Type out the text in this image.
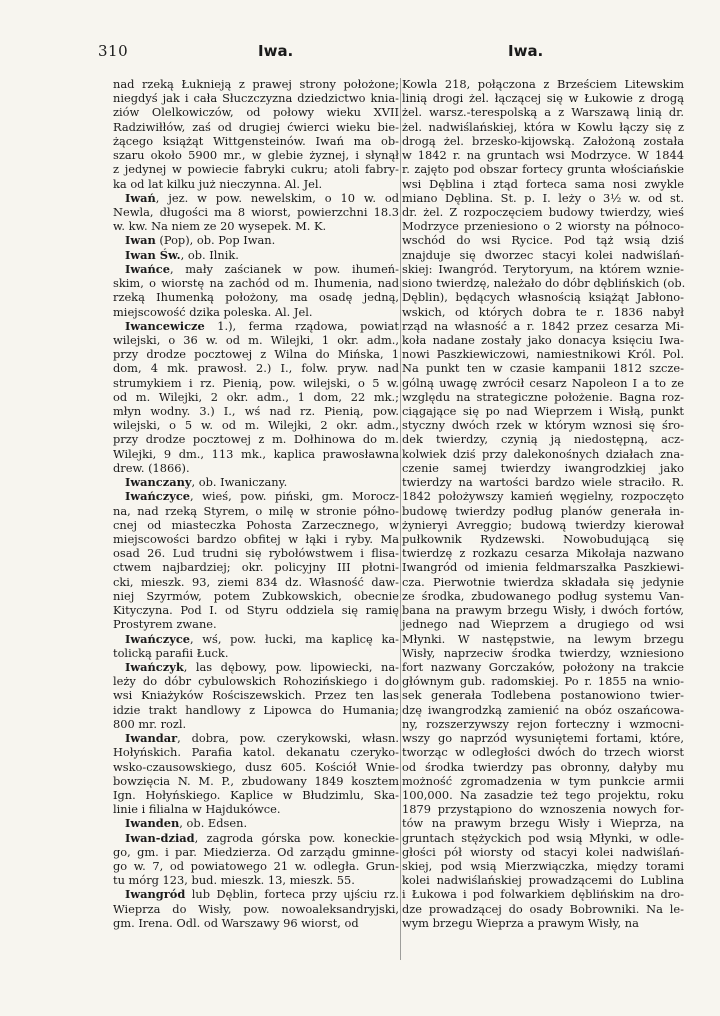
310	Iwa.	Iwa.
nad rzeką Łuknieją z prawej strony położone;
niegdyś jak i cała Słuczczyzna dziedzictwo knia-
ziów Olelkowiczów, od połowy wieku XVII
Radziwiłłów, zaś od drugiej ćwierci wieku bie-
żącego książąt Wittgensteinów. Iwań ma ob-
szaru około 5900 mr., w glebie żyznej, i słynął
z jedynej w powiecie fabryki cukru; atoli fabry-
ka od lat kilku już nieczynna. Al. Jel.
Iwań, jez. w pow. newelskim, o 10 w. od
Newla, długości ma 8 wiorst, powierzchni 18.3
w. kw. Na niem ze 20 wysepek. M. K.
Iwan (Pop), ob. Pop Iwan.
Iwan Św., ob. Ilnik.
Iwańce, mały zaścianek w pow. ihumeń-
skim, o wiorstę na zachód od m. Ihumenia, nad
rzeką Ihumenką położony, ma osadę jedną,
miejscowość dzika poleska. Al. Jel.
Iwancewicze 1.), ferma rządowa, powiat
wilejski, o 36 w. od m. Wilejki, 1 okr. adm.,
przy drodze pocztowej z Wilna do Mińska, 1
dom, 4 mk. prawosł. 2.) I., folw. pryw. nad
strumykiem i rz. Pienią, pow. wilejski, o 5 w.
od m. Wilejki, 2 okr. adm., 1 dom, 22 mk.;
młyn wodny. 3.) I., wś nad rz. Pienią, pow.
wilejski, o 5 w. od m. Wilejki, 2 okr. adm.,
przy drodze pocztowej z m. Dołhinowa do m.
Wilejki, 9 dm., 113 mk., kaplica prawosławna
drew. (1866).
Iwanczany, ob. Iwaniczany.
Iwańczyce, wieś, pow. piński, gm. Morocz-
na, nad rzeką Styrem, o milę w stronie półno-
cnej od miasteczka Pohosta Zarzecznego, w
miejscowości bardzo obfitej w łąki i ryby. Ma
osad 26. Lud trudni się rybołówstwem i flisa-
ctwem najbardziej; okr. policyjny III płotni-
cki, mieszk. 93, ziemi 834 dz. Własność daw-
niej Szyrmów, potem Zubkowskich, obecnie
Kityczyna. Pod I. od Styru oddziela się ramię
Prostyrem zwane.
Iwańczyce, wś, pow. łucki, ma kaplicę ka-
tolicką parafii Łuck.
Iwańczyk, las dębowy, pow. lipowiecki, na-
leży do dóbr cybulowskich Rohozińskiego i do
wsi Kniażyków Rościszewskich. Przez ten las
idzie trakt handlowy z Lipowca do Humania;
800 mr. rozl.
Iwandar, dobra, pow. czerykowski, własn.
Hołyńskich. Parafia katol. dekanatu czeryko-
wsko-czausowskiego, dusz 605. Kościół Wnie-
bowzięcia N. M. P., zbudowany 1849 kosztem
Ign. Hołyńskiego. Kaplice w Błudzimlu, Ska-
linie i filialna w Hajdukówce.
Iwanden, ob. Edsen.
Iwan-dziad, zagroda górska pow. koneckie-
go, gm. i par. Miedzierza. Od zarządu gminne-
go w. 7, od powiatowego 21 w. odległa. Grun-
tu mórg 123, bud. mieszk. 13, mieszk. 55.
Iwangród lub Dęblin, forteca przy ujściu rz.
Wieprza do Wisły, pow. nowoaleksandryjski,
gm. Irena. Odl. od Warszawy 96 wiorst, od
Kowla 218, połączona z Brześciem Litewskim
linią drogi żel. łączącej się w Łukowie z drogą
żel. warsz.-terespolską a z Warszawą linią dr.
żel. nadwiślańskiej, która w Kowlu łączy się z
drogą żel. brzesko-kijowską. Założoną została
w 1842 r. na gruntach wsi Modrzyce. W 1844
r. zajęto pod obszar fortecy grunta włościańskie
wsi Dęblina i ztąd forteca sama nosi zwykle
miano Dęblina. St. p. I. leży o 3½ w. od st.
dr. żel. Z rozpoczęciem budowy twierdzy, wieś
Modrzyce przeniesiono o 2 wiorsty na północo-
wschód do wsi Rycice. Pod tąż wsią dziś
znajduje się dworzec stacyi kolei nadwiślań-
skiej: Iwangród. Terytoryum, na którem wznie-
siono twierdzę, należało do dóbr dęblińskich (ob.
Dęblin), będących własnością książąt Jabłono-
wskich, od których dobra te r. 1836 nabył
rząd na własność a r. 1842 przez cesarza Mi-
koła nadane zostały jako donacya księciu Iwa-
nowi Paszkiewiczowi, namiestnikowi Król. Pol.
Na punkt ten w czasie kampanii 1812 szcze-
gólną uwagę zwrócił cesarz Napoleon I a to ze
względu na strategiczne położenie. Bagna roz-
ciągające się po nad Wieprzem i Wisłą, punkt
styczny dwóch rzek w którym wznosi się śro-
dek twierdzy, czynią ją niedostępną, acz-
kolwiek dziś przy dalekonośnych działach zna-
czenie samej twierdzy iwangrodzkiej jako
twierdzy na wartości bardzo wiele straciło. R.
1842 położywszy kamień węgielny, rozpoczęto
budowę twierdzy podług planów generała in-
żynieryi Avreggio; budową twierdzy kierował
pułkownik Rydzewski. Nowobudującą się
twierdzę z rozkazu cesarza Mikołaja nazwano
Iwangród od imienia feldmarszałka Paszkiewi-
cza. Pierwotnie twierdza składała się jedynie
ze środka, zbudowanego podług systemu Van-
bana na prawym brzegu Wisły, i dwóch fortów,
jednego nad Wieprzem a drugiego od wsi
Młynki. W następstwie, na lewym brzegu
Wisły, naprzeciw środka twierdzy, wzniesiono
fort nazwany Gorczaków, położony na trakcie
głównym gub. radomskiej. Po r. 1855 na wnio-
sek generała Todlebena postanowiono twier-
dzę iwangrodzką zamienić na obóz oszańcowa-
ny, rozszerzywszy rejon forteczny i wzmocni-
wszy go naprzód wysuniętemi fortami, które,
tworząc w odległości dwóch do trzech wiorst
od środka twierdzy pas obronny, dałyby mu
możność zgromadzenia w tym punkcie armii
100,000. Na zasadzie też tego projektu, roku
1879 przystąpiono do wznoszenia nowych for-
tów na prawym brzegu Wisły i Wieprza, na
gruntach stężyckich pod wsią Młynki, w odle-
głości pół wiorsty od stacyi kolei nadwiślań-
skiej, pod wsią Mierzwiączka, między torami
kolei nadwiślańskiej prowadzącemi do Lublina
i Łukowa i pod folwarkiem dęblińskim na dro-
dze prowadzącej do osady Bobrowniki. Na le-
wym brzegu Wieprza a prawym Wisły, na
